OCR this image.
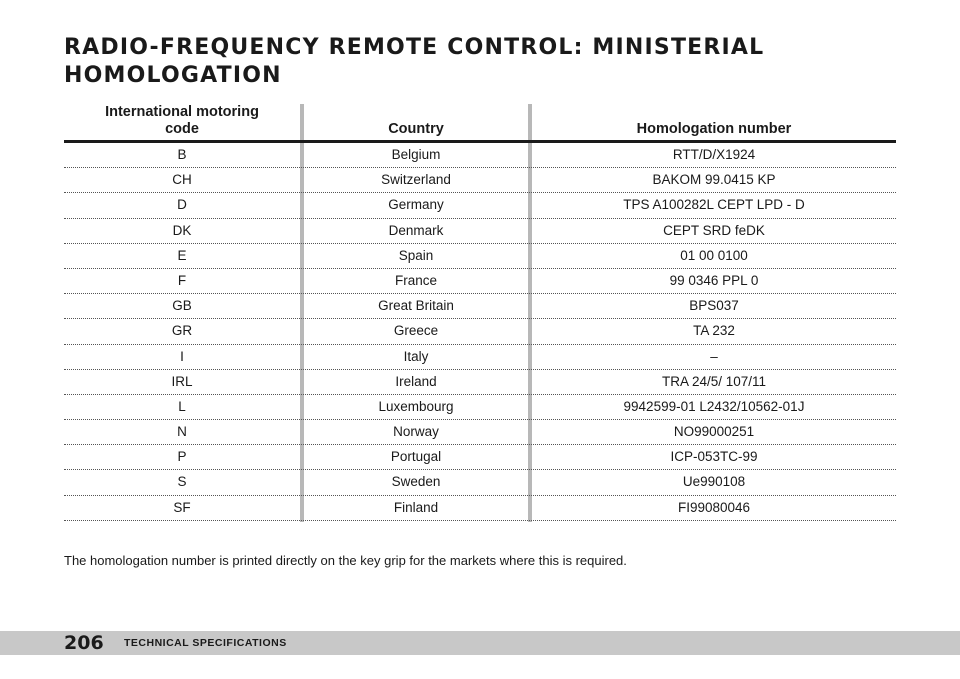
RADIO-FREQUENCY REMOTE CONTROL: MINISTERIAL
HOMOLOGATION
International motoring
code	Country	Homologation number
B	Belgium	RTT/D/X1924
CH	Switzerland	BAKOM 99.0415 KP
D	Germany	TPS A100282L CEPT LPD - D
DK	Denmark	CEPT SRD feDK
E	Spain	01 00 0100
F	France	99 0346 PPL 0
GB	Great Britain	BPS037
GR	Greece	TA 232
I	Italy	–
IRL	Ireland	TRA 24/5/ 107/11
L	Luxembourg	9942599-01 L2432/10562-01J
N	Norway	NO99000251
P	Portugal	ICP-053TC-99
S	Sweden	Ue990108
SF	Finland	FI99080046

The homologation number is printed directly on the key grip for the markets where this is required.

206 TECHNICAL SPECIFICATIONS
